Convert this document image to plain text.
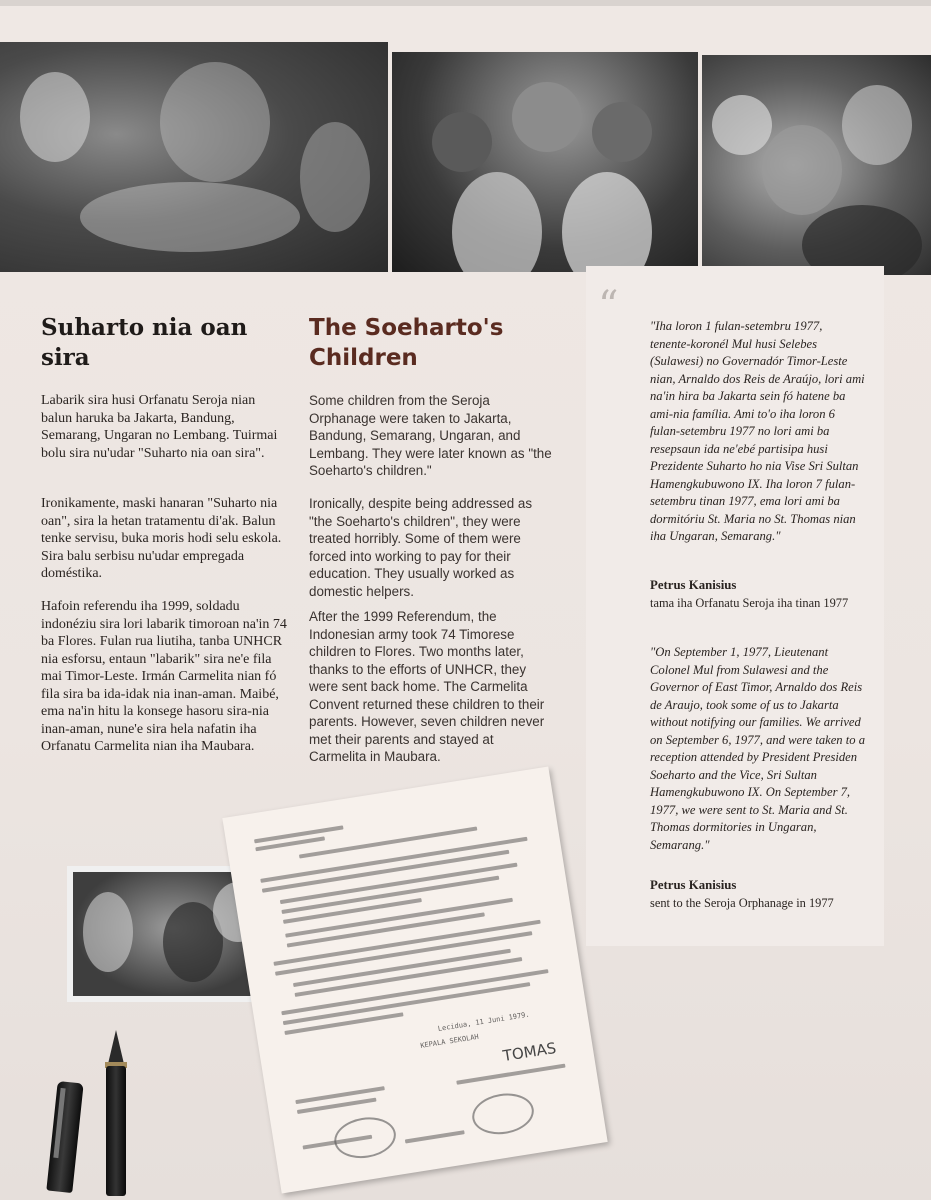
“
Suharto nia oan sira

Labarik sira husi Orfanatu Seroja nian balun haruka ba Jakarta, Bandung, Semarang, Ungaran no Lembang. Tuirmai bolu sira nu'udar "Suharto nia oan sira".

Ironikamente, maski hanaran "Suharto nia oan", sira la hetan tratamentu di'ak. Balun tenke servisu, buka moris hodi selu eskola. Sira balu serbisu nu'udar empregada doméstika.

Hafoin referendu iha 1999, soldadu indonéziu sira lori labarik timoroan na'in 74 ba Flores. Fulan rua liutiha, tanba UNHCR nia esforsu, entaun "labarik" sira ne'e fila mai Timor-Leste. Irmán Carmelita nian fó fila sira ba ida-idak nia inan-aman. Maibé, ema na'in hitu la konsege hasoru sira-nia inan-aman, nune'e sira hela nafatin iha Orfanatu Carmelita nian iha Maubara.

The Soeharto's Children

Some children from the Seroja Orphanage were taken to Jakarta, Bandung, Semarang, Ungaran, and Lembang. They were later known as "the Soeharto's children."

Ironically, despite being addressed as "the Soeharto's children", they were treated horribly. Some of them were forced into working to pay for their education. They usually worked as domestic helpers.

After the 1999 Referendum, the Indonesian army took 74 Timorese children to Flores. Two months later, thanks to the efforts of UNHCR, they were sent back home. The Carmelita Convent returned these children to their parents. However, seven children never met their parents and stayed at Carmelita in Maubara.

"Iha loron 1 fulan-setembru 1977, tenente-koronél Mul husi Selebes (Sulawesi) no Governadór Timor-Leste nian, Arnaldo dos Reis de Araújo, lori ami na'in hira ba Jakarta sein fó hatene ba ami-nia família. Ami to'o iha loron 6 fulan-setembru 1977 no lori ami ba resepsaun ida ne'ebé partisipa husi Prezidente Suharto ho nia Vise Sri Sultan Hamengkubuwono IX. Iha loron 7 fulan-setembru tinan 1977, ema lori ami ba dormitóriu St. Maria no St. Thomas nian iha Ungaran, Semarang."

Petrus Kanisius

tama iha Orfanatu Seroja iha tinan 1977

"On September 1, 1977, Lieutenant Colonel Mul from Sulawesi and the Governor of East Timor, Arnaldo dos Reis de Araujo, took some of us to Jakarta without notifying our families. We arrived on September 6, 1977, and were taken to a reception attended by President Presiden Soeharto and the Vice, Sri Sultan Hamengkubuwono IX. On September 7, 1977, we were sent to St. Maria and St. Thomas dormitories in Ungaran, Semarang."

Petrus Kanisius

sent to the Seroja Orphanage in 1977

Lecidua, 11 Juni 1979.
KEPALA SEKOLAH TOMAS
